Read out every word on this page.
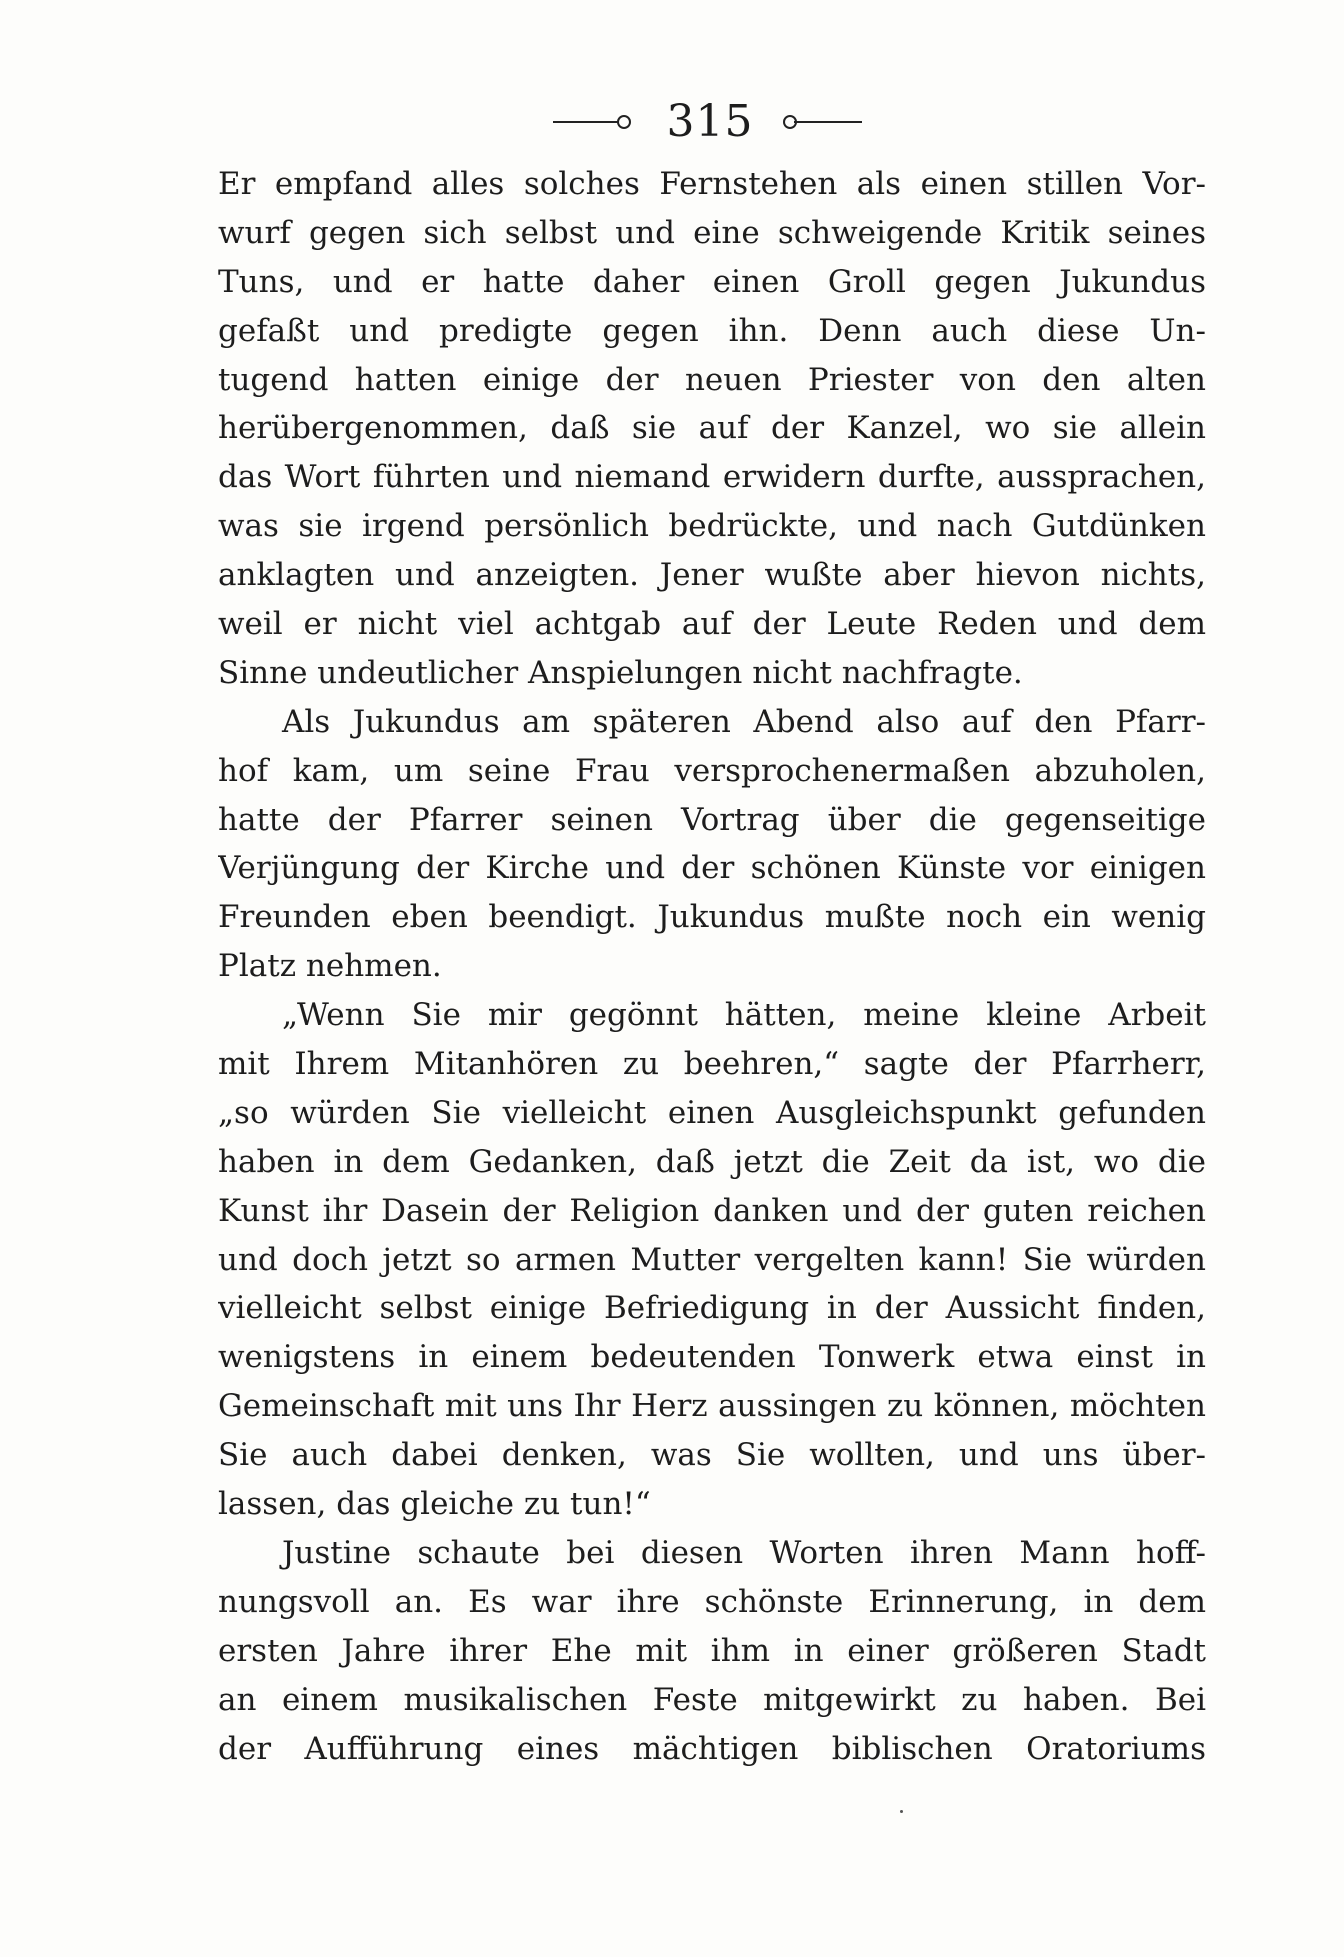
315
Er empfand alles solches Fernstehen als einen stillen Vor-
wurf gegen sich selbst und eine schweigende Kritik seines
Tuns, und er hatte daher einen Groll gegen Jukundus
gefaßt und predigte gegen ihn. Denn auch diese Un-
tugend hatten einige der neuen Priester von den alten
herübergenommen, daß sie auf der Kanzel, wo sie allein
das Wort führten und niemand erwidern durfte, aussprachen,
was sie irgend persönlich bedrückte, und nach Gutdünken
anklagten und anzeigten. Jener wußte aber hievon nichts,
weil er nicht viel achtgab auf der Leute Reden und dem
Sinne undeutlicher Anspielungen nicht nachfragte.
Als Jukundus am späteren Abend also auf den Pfarr-
hof kam, um seine Frau versprochenermaßen abzuholen,
hatte der Pfarrer seinen Vortrag über die gegenseitige
Verjüngung der Kirche und der schönen Künste vor einigen
Freunden eben beendigt. Jukundus mußte noch ein wenig
Platz nehmen.
„Wenn Sie mir gegönnt hätten, meine kleine Arbeit
mit Ihrem Mitanhören zu beehren,“ sagte der Pfarrherr,
„so würden Sie vielleicht einen Ausgleichspunkt gefunden
haben in dem Gedanken, daß jetzt die Zeit da ist, wo die
Kunst ihr Dasein der Religion danken und der guten reichen
und doch jetzt so armen Mutter vergelten kann! Sie würden
vielleicht selbst einige Befriedigung in der Aussicht finden,
wenigstens in einem bedeutenden Tonwerk etwa einst in
Gemeinschaft mit uns Ihr Herz aussingen zu können, möchten
Sie auch dabei denken, was Sie wollten, und uns über-
lassen, das gleiche zu tun!“
Justine schaute bei diesen Worten ihren Mann hoff-
nungsvoll an. Es war ihre schönste Erinnerung, in dem
ersten Jahre ihrer Ehe mit ihm in einer größeren Stadt
an einem musikalischen Feste mitgewirkt zu haben. Bei
der Aufführung eines mächtigen biblischen Oratoriums
